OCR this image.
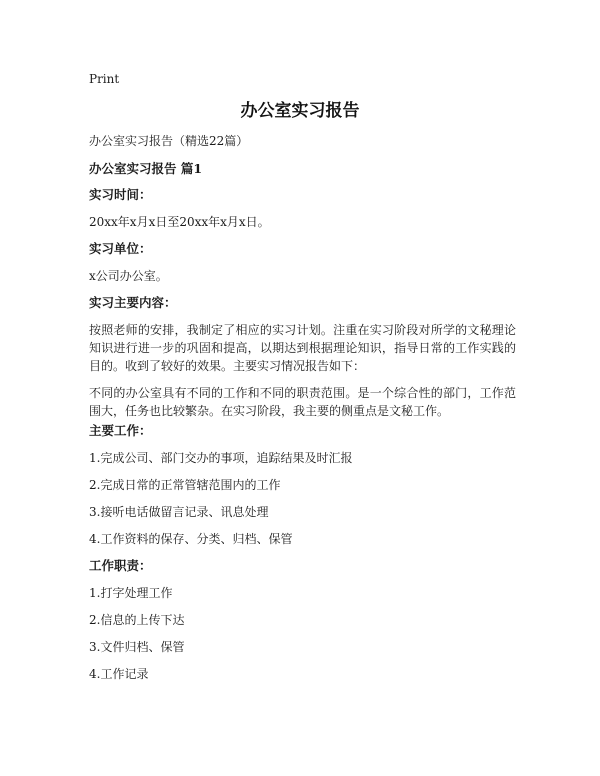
Print
办公室实习报告

办公室实习报告（精选22篇）

办公室实习报告 篇1

实习时间：

20xx年x月x日至20xx年x月x日。

实习单位：

x公司办公室。

实习主要内容：

按照老师的安排，我制定了相应的实习计划。注重在实习阶段对所学的文秘理论知识进行进一步的巩固和提高，以期达到根据理论知识，指导日常的工作实践的目的。收到了较好的效果。主要实习情况报告如下：

不同的办公室具有不同的工作和不同的职责范围。是一个综合性的部门，工作范围大，任务也比较繁杂。在实习阶段，我主要的侧重点是文秘工作。

主要工作：

1.完成公司、部门交办的事项，追踪结果及时汇报

2.完成日常的正常管辖范围内的工作

3.接听电话做留言记录、讯息处理

4.工作资料的保存、分类、归档、保管

工作职责：

1.打字处理工作

2.信息的上传下达

3.文件归档、保管

4.工作记录
